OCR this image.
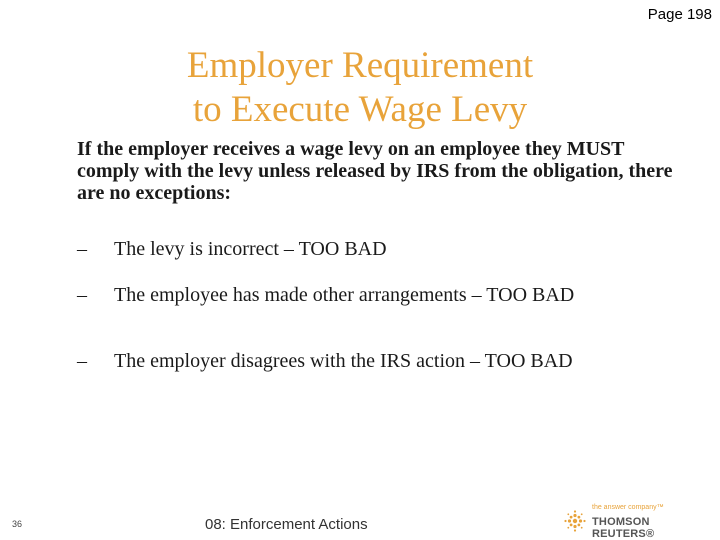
Page 198
Employer Requirement
to Execute Wage Levy
If the employer receives a wage levy on an employee they MUST comply with the levy unless released by IRS from the obligation, there are no exceptions:
– The levy is incorrect – TOO BAD
– The employee has made other arrangements – TOO BAD
– The employer disagrees with the IRS action – TOO BAD
36	08: Enforcement Actions
the answer company™
THOMSON REUTERS®
